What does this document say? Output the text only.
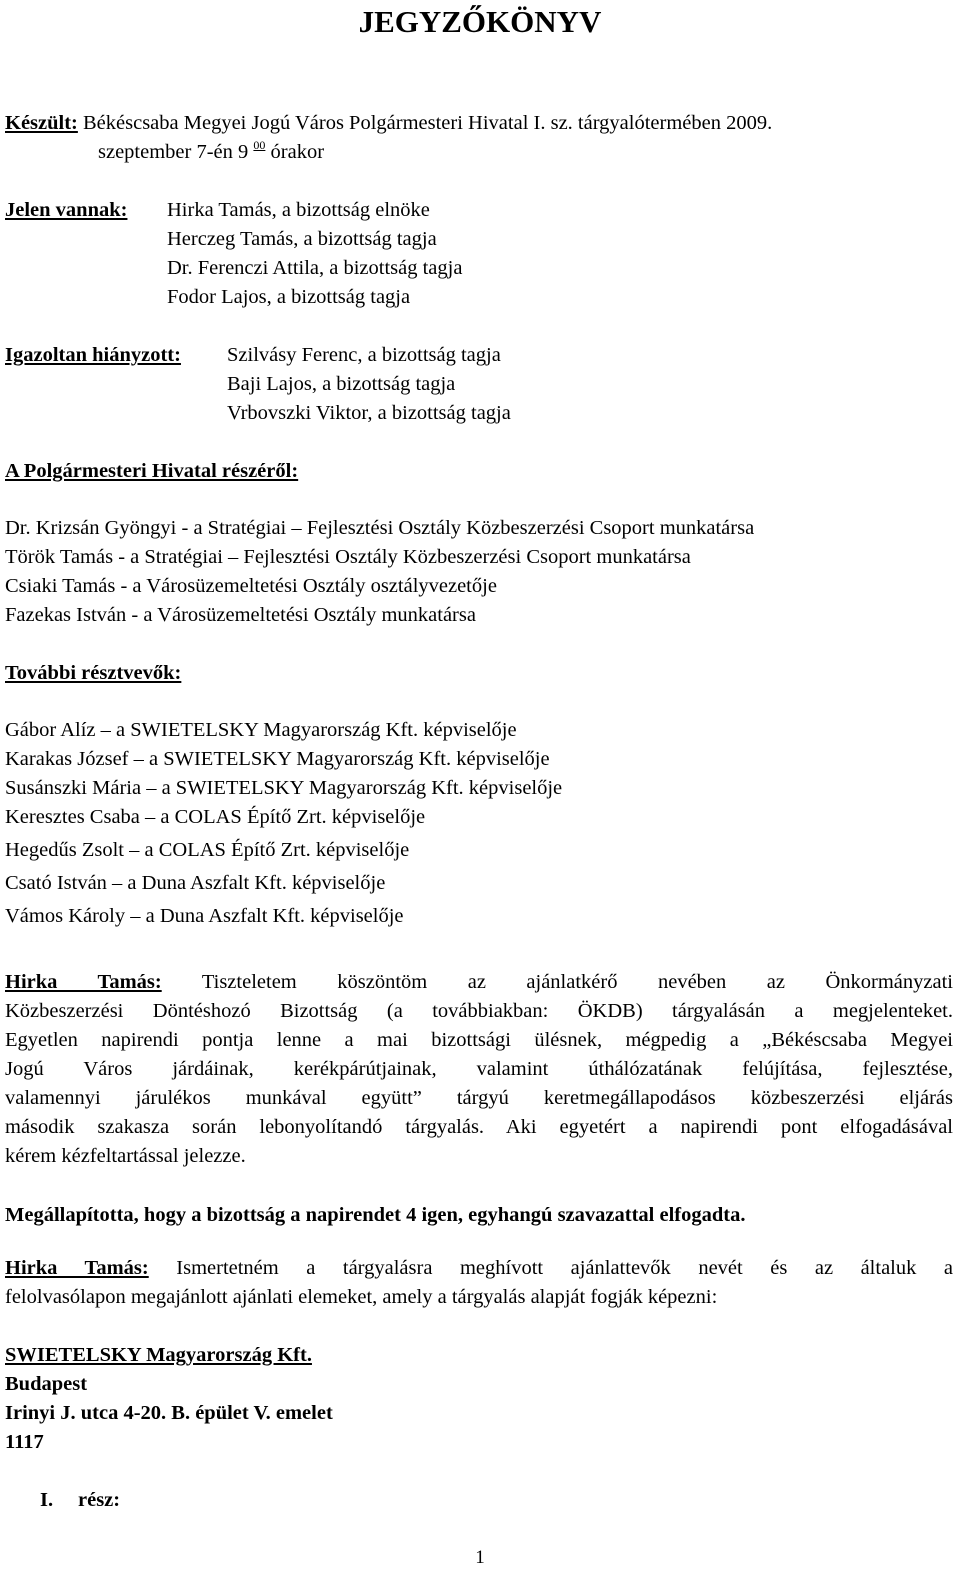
JEGYZŐKÖNYV
Készült: Békéscsaba Megyei Jogú Város Polgármesteri Hivatal I. sz. tárgyalótermében 2009.
szeptember 7-én 9 $^{00}$ órakor
Jelen vannak: Hirka Tamás, a bizottság elnöke
Herczeg Tamás, a bizottság tagja
Dr. Ferenczi Attila, a bizottság tagja
Fodor Lajos, a bizottság tagja
Igazoltan hiányzott: Szilvásy Ferenc, a bizottság tagja
Baji Lajos, a bizottság tagja
Vrbovszki Viktor, a bizottság tagja
A Polgármesteri Hivatal részéről:
Dr. Krizsán Gyöngyi - a Stratégiai – Fejlesztési Osztály Közbeszerzési Csoport munkatársa
Török Tamás - a Stratégiai – Fejlesztési Osztály Közbeszerzési Csoport munkatársa
Csiaki Tamás - a Városüzemeltetési Osztály osztályvezetője
Fazekas István - a Városüzemeltetési Osztály munkatársa
További résztvevők:
Gábor Alíz – a SWIETELSKY Magyarország Kft. képviselője
Karakas József – a SWIETELSKY Magyarország Kft. képviselője
Susánszki Mária – a SWIETELSKY Magyarország Kft. képviselője
Keresztes Csaba – a COLAS Építő Zrt. képviselője
Hegedűs Zsolt – a COLAS Építő Zrt. képviselője
Csató István – a Duna Aszfalt Kft. képviselője
Vámos Károly – a Duna Aszfalt Kft. képviselője
Hirka Tamás: Tiszteletem köszöntöm az ajánlatkérő nevében az Önkormányzati
Közbeszerzési Döntéshozó Bizottság (a továbbiakban: ÖKDB) tárgyalásán a megjelenteket.
Egyetlen napirendi pontja lenne a mai bizottsági ülésnek, mégpedig a „Békéscsaba Megyei
Jogú Város járdáinak, kerékpárútjainak, valamint úthálózatának felújítása, fejlesztése,
valamennyi járulékos munkával együtt” tárgyú keretmegállapodásos közbeszerzési eljárás
második szakasza során lebonyolítandó tárgyalás. Aki egyetért a napirendi pont elfogadásával
kérem kézfeltartással jelezze.
Megállapította, hogy a bizottság a napirendet 4 igen, egyhangú szavazattal elfogadta.
Hirka Tamás: Ismertetném a tárgyalásra meghívott ajánlattevők nevét és az általuk a
felolvasólapon megajánlott ajánlati elemeket, amely a tárgyalás alapját fogják képezni:
SWIETELSKY Magyarország Kft.
Budapest
Irinyi J. utca 4-20. B. épület V. emelet
1117
I. rész:
1
